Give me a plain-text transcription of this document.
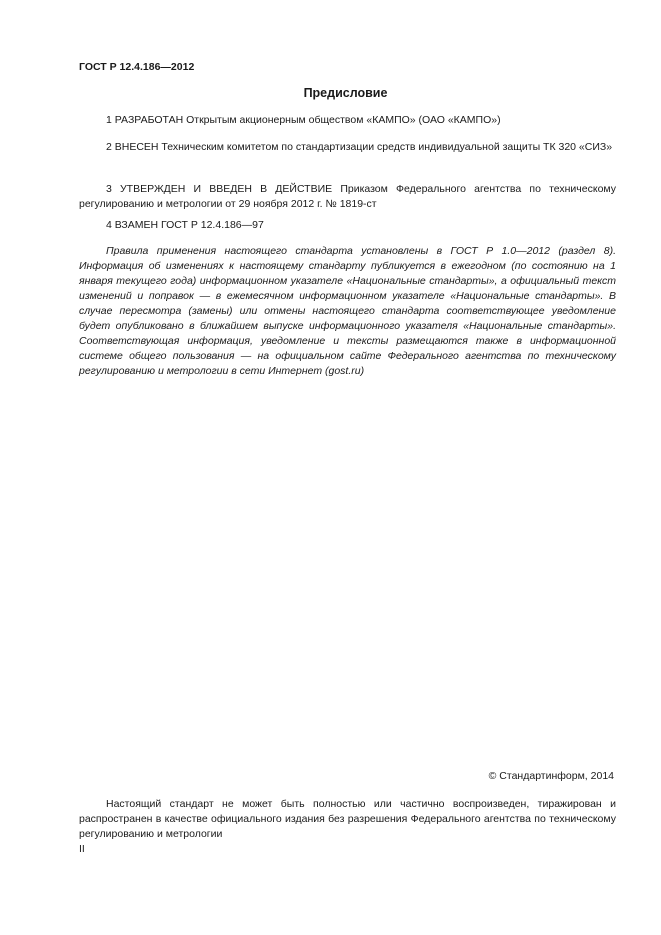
ГОСТ Р 12.4.186—2012
Предисловие
1 РАЗРАБОТАН Открытым акционерным обществом «КАМПО» (ОАО «КАМПО»)
2 ВНЕСЕН Техническим комитетом по стандартизации средств индивидуальной защиты ТК 320 «СИЗ»
3 УТВЕРЖДЕН И ВВЕДЕН В ДЕЙСТВИЕ Приказом Федерального агентства по техническому регулированию и метрологии от 29 ноября 2012 г. № 1819-ст
4 ВЗАМЕН ГОСТ Р 12.4.186—97
Правила применения настоящего стандарта установлены в ГОСТ Р 1.0—2012 (раздел 8). Информация об изменениях к настоящему стандарту публикуется в ежегодном (по состоянию на 1 января текущего года) информационном указателе «Национальные стандарты», а официальный текст изменений и поправок — в ежемесячном информационном указателе «Национальные стандарты». В случае пересмотра (замены) или отмены настоящего стандарта соответствующее уведомление будет опубликовано в ближайшем выпуске информационного указателя «Национальные стандарты». Соответствующая информация, уведомление и тексты размещаются также в информационной системе общего пользования — на официальном сайте Федерального агентства по техническому регулированию и метрологии в сети Интернет (gost.ru)
© Стандартинформ, 2014
Настоящий стандарт не может быть полностью или частично воспроизведен, тиражирован и распространен в качестве официального издания без разрешения Федерального агентства по техническому регулированию и метрологии
II
